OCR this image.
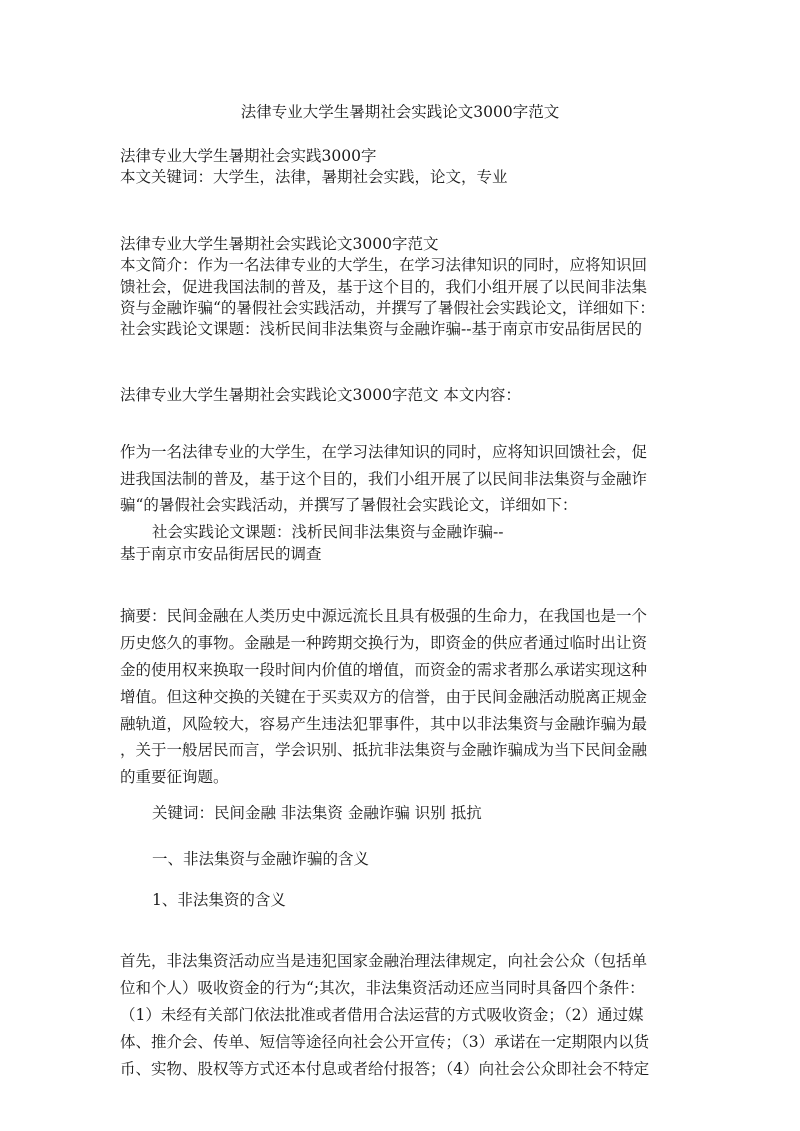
法律专业大学生暑期社会实践论文3000字范文

法律专业大学生暑期社会实践3000字

本文关键词：大学生，法律，暑期社会实践，论文，专业

法律专业大学生暑期社会实践论文3000字范文

本文简介：作为一名法律专业的大学生，在学习法律知识的同时，应将知识回

馈社会，促进我国法制的普及，基于这个目的，我们小组开展了以民间非法集

资与金融诈骗“的暑假社会实践活动，并撰写了暑假社会实践论文，详细如下：

社会实践论文课题：浅析民间非法集资与金融诈骗--基于南京市安品街居民的

法律专业大学生暑期社会实践论文3000字范文 本文内容：

作为一名法律专业的大学生，在学习法律知识的同时，应将知识回馈社会，促

进我国法制的普及，基于这个目的，我们小组开展了以民间非法集资与金融诈

骗“的暑假社会实践活动，并撰写了暑假社会实践论文，详细如下：

社会实践论文课题：浅析民间非法集资与金融诈骗--

基于南京市安品街居民的调查

摘要：民间金融在人类历史中源远流长且具有极强的生命力，在我国也是一个

历史悠久的事物。金融是一种跨期交换行为，即资金的供应者通过临时出让资

金的使用权来换取一段时间内价值的增值，而资金的需求者那么承诺实现这种

增值。但这种交换的关键在于买卖双方的信誉，由于民间金融活动脱离正规金

融轨道，风险较大，容易产生违法犯罪事件，其中以非法集资与金融诈骗为最

，关于一般居民而言，学会识别、抵抗非法集资与金融诈骗成为当下民间金融

的重要征询题。

关键词：民间金融 非法集资 金融诈骗 识别 抵抗

一、非法集资与金融诈骗的含义

1、非法集资的含义

首先，非法集资活动应当是违犯国家金融治理法律规定，向社会公众（包括单

位和个人）吸收资金的行为“;其次，非法集资活动还应当同时具备四个条件：

（1）未经有关部门依法批准或者借用合法运营的方式吸收资金；（2）通过媒

体、推介会、传单、短信等途径向社会公开宣传；（3）承诺在一定期限内以货

币、实物、股权等方式还本付息或者给付报答；（4）向社会公众即社会不特定
